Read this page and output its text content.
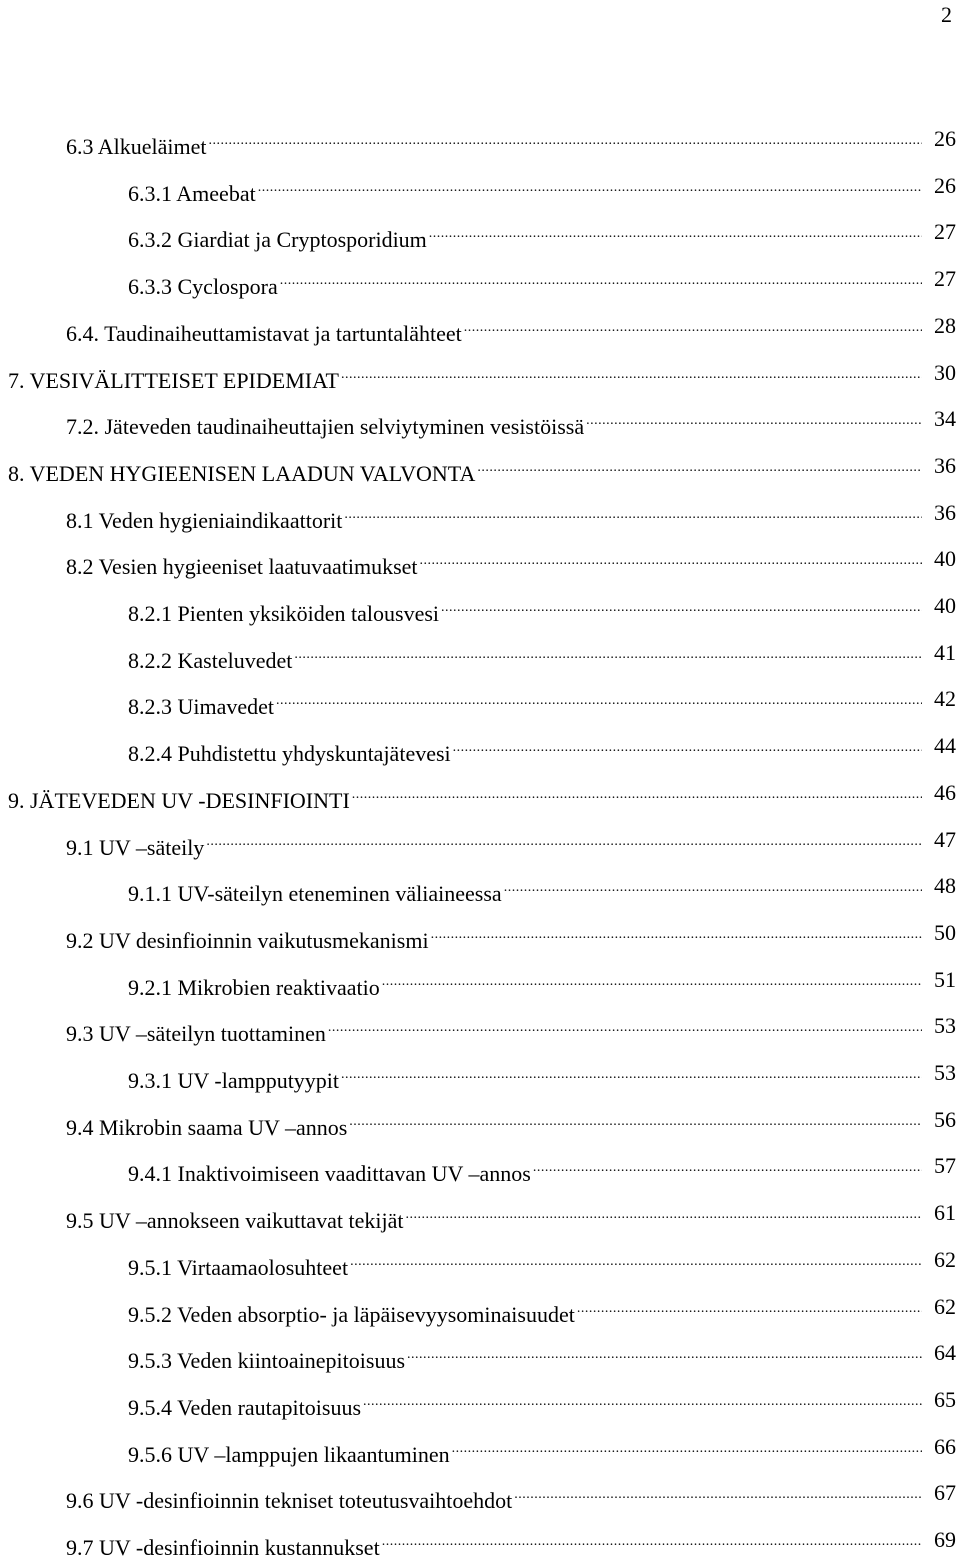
2
6.3 Alkueläimet .....	26
6.3.1 Ameebat .....	26
6.3.2 Giardiat ja Cryptosporidium .....	27
6.3.3 Cyclospora .....	27
6.4. Taudinaiheuttamistavat ja tartuntalähteet .....	28
7. VESIVÄLITTEISET EPIDEMIAT .....	30
7.2. Jäteveden taudinaiheuttajien selviytyminen vesistöissä .....	34
8. VEDEN HYGIEENISEN LAADUN VALVONTA .....	36
8.1 Veden hygieniaindikaattorit .....	36
8.2 Vesien hygieeniset laatuvaatimukset .....	40
8.2.1 Pienten yksiköiden talousvesi .....	40
8.2.2 Kasteluvedet .....	41
8.2.3 Uimavedet .....	42
8.2.4 Puhdistettu yhdyskuntajätevesi .....	44
9. JÄTEVEDEN UV -DESINFIOINTI .....	46
9.1 UV –säteily .....	47
9.1.1 UV-säteilyn eteneminen väliaineessa .....	48
9.2 UV desinfioinnin vaikutusmekanismi .....	50
9.2.1 Mikrobien reaktivaatio .....	51
9.3 UV –säteilyn tuottaminen .....	53
9.3.1 UV -lampputyypit .....	53
9.4 Mikrobin saama UV –annos .....	56
9.4.1 Inaktivoimiseen vaadittavan UV –annos .....	57
9.5 UV –annokseen vaikuttavat tekijät .....	61
9.5.1 Virtaamaolosuhteet .....	62
9.5.2 Veden absorptio- ja läpäisevyysominaisuudet .....	62
9.5.3 Veden kiintoainepitoisuus .....	64
9.5.4 Veden rautapitoisuus .....	65
9.5.6 UV –lamppujen likaantuminen .....	66
9.6 UV -desinfioinnin tekniset toteutusvaihtoehdot .....	67
9.7 UV -desinfioinnin kustannukset .....	69
